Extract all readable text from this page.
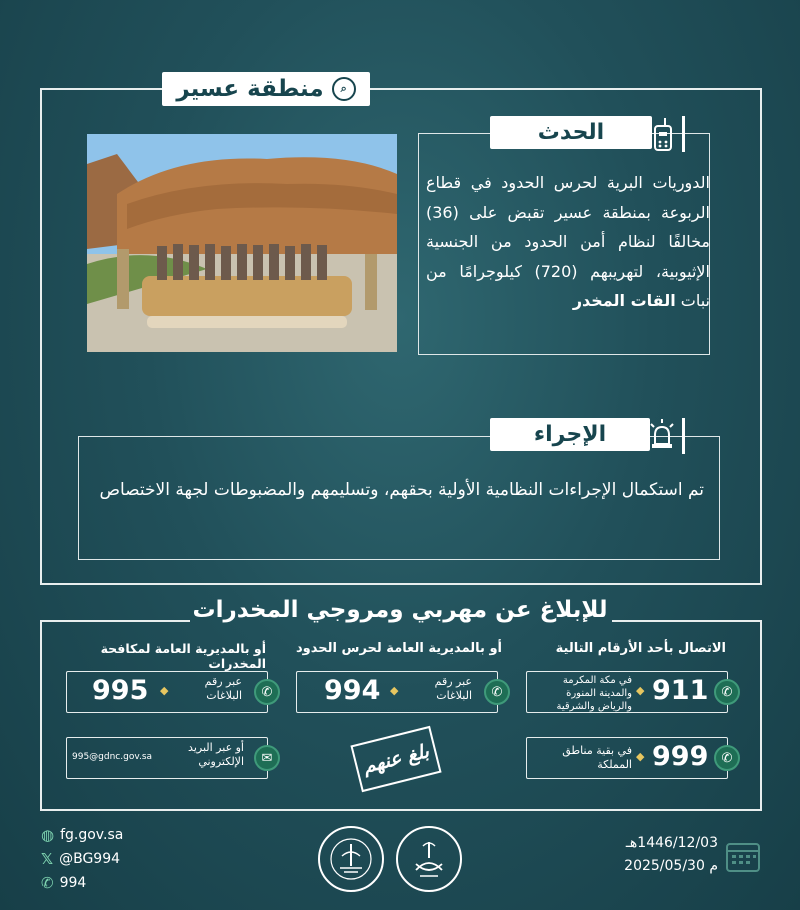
منطقة عسير	⌕
الحدث
الدوريات البرية لحرس الحدود في قطاع الربوعة بمنطقة عسير تقبض على (36) مخالفًا لنظام أمن الحدود من الجنسية الإثيوبية، لتهريبهم (720) كيلوجرامًا من نبات القات المخدر
الإجراء
تم استكمال الإجراءات النظامية الأولية بحقهم، وتسليمهم والمضبوطات لجهة الاختصاص
للإبلاغ عن مهربي ومروجي المخدرات
الاتصال بأحد الأرقام التالية
أو بالمديرية العامة لحرس الحدود
أو بالمديرية العامة لمكافحة المخدرات
✆
911
◆
في مكة المكرمة والمدينة المنورة والرياض والشرقية
✆
999
◆
في بقية مناطق المملكة
✆
عبر رقم البلاغات
◆
994
✆
عبر رقم البلاغات
◆
995
✉
أو عبر البريد الإلكتروني
995@gdnc.gov.sa	بلغ عنهم
◍ fg.gov.sa
𝕏 @BG994
✆ 994
1446/12/03هـ
2025/05/30 م
